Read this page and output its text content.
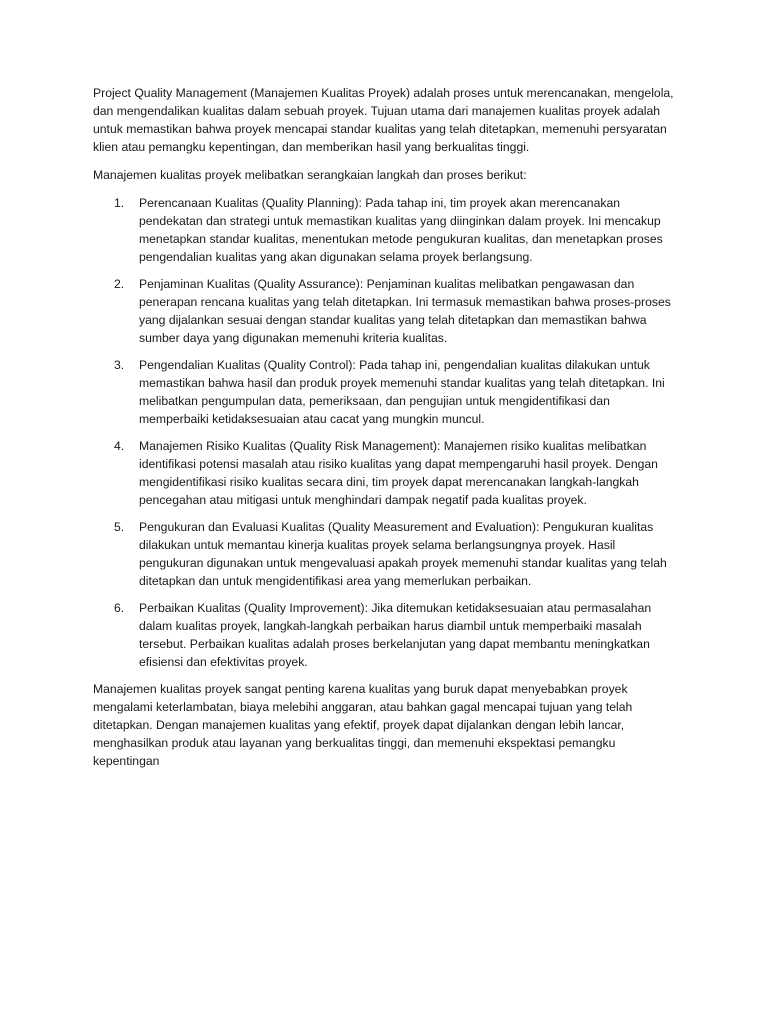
Project Quality Management (Manajemen Kualitas Proyek) adalah proses untuk merencanakan, mengelola, dan mengendalikan kualitas dalam sebuah proyek. Tujuan utama dari manajemen kualitas proyek adalah untuk memastikan bahwa proyek mencapai standar kualitas yang telah ditetapkan, memenuhi persyaratan klien atau pemangku kepentingan, dan memberikan hasil yang berkualitas tinggi.

Manajemen kualitas proyek melibatkan serangkaian langkah dan proses berikut:

1. Perencanaan Kualitas (Quality Planning): Pada tahap ini, tim proyek akan merencanakan pendekatan dan strategi untuk memastikan kualitas yang diinginkan dalam proyek. Ini mencakup menetapkan standar kualitas, menentukan metode pengukuran kualitas, dan menetapkan proses pengendalian kualitas yang akan digunakan selama proyek berlangsung.
2. Penjaminan Kualitas (Quality Assurance): Penjaminan kualitas melibatkan pengawasan dan penerapan rencana kualitas yang telah ditetapkan. Ini termasuk memastikan bahwa proses-proses yang dijalankan sesuai dengan standar kualitas yang telah ditetapkan dan memastikan bahwa sumber daya yang digunakan memenuhi kriteria kualitas.
3. Pengendalian Kualitas (Quality Control): Pada tahap ini, pengendalian kualitas dilakukan untuk memastikan bahwa hasil dan produk proyek memenuhi standar kualitas yang telah ditetapkan. Ini melibatkan pengumpulan data, pemeriksaan, dan pengujian untuk mengidentifikasi dan memperbaiki ketidaksesuaian atau cacat yang mungkin muncul.
4. Manajemen Risiko Kualitas (Quality Risk Management): Manajemen risiko kualitas melibatkan identifikasi potensi masalah atau risiko kualitas yang dapat mempengaruhi hasil proyek. Dengan mengidentifikasi risiko kualitas secara dini, tim proyek dapat merencanakan langkah-langkah pencegahan atau mitigasi untuk menghindari dampak negatif pada kualitas proyek.
5. Pengukuran dan Evaluasi Kualitas (Quality Measurement and Evaluation): Pengukuran kualitas dilakukan untuk memantau kinerja kualitas proyek selama berlangsungnya proyek. Hasil pengukuran digunakan untuk mengevaluasi apakah proyek memenuhi standar kualitas yang telah ditetapkan dan untuk mengidentifikasi area yang memerlukan perbaikan.
6. Perbaikan Kualitas (Quality Improvement): Jika ditemukan ketidaksesuaian atau permasalahan dalam kualitas proyek, langkah-langkah perbaikan harus diambil untuk memperbaiki masalah tersebut. Perbaikan kualitas adalah proses berkelanjutan yang dapat membantu meningkatkan efisiensi dan efektivitas proyek.

Manajemen kualitas proyek sangat penting karena kualitas yang buruk dapat menyebabkan proyek mengalami keterlambatan, biaya melebihi anggaran, atau bahkan gagal mencapai tujuan yang telah ditetapkan. Dengan manajemen kualitas yang efektif, proyek dapat dijalankan dengan lebih lancar, menghasilkan produk atau layanan yang berkualitas tinggi, dan memenuhi ekspektasi pemangku kepentingan
